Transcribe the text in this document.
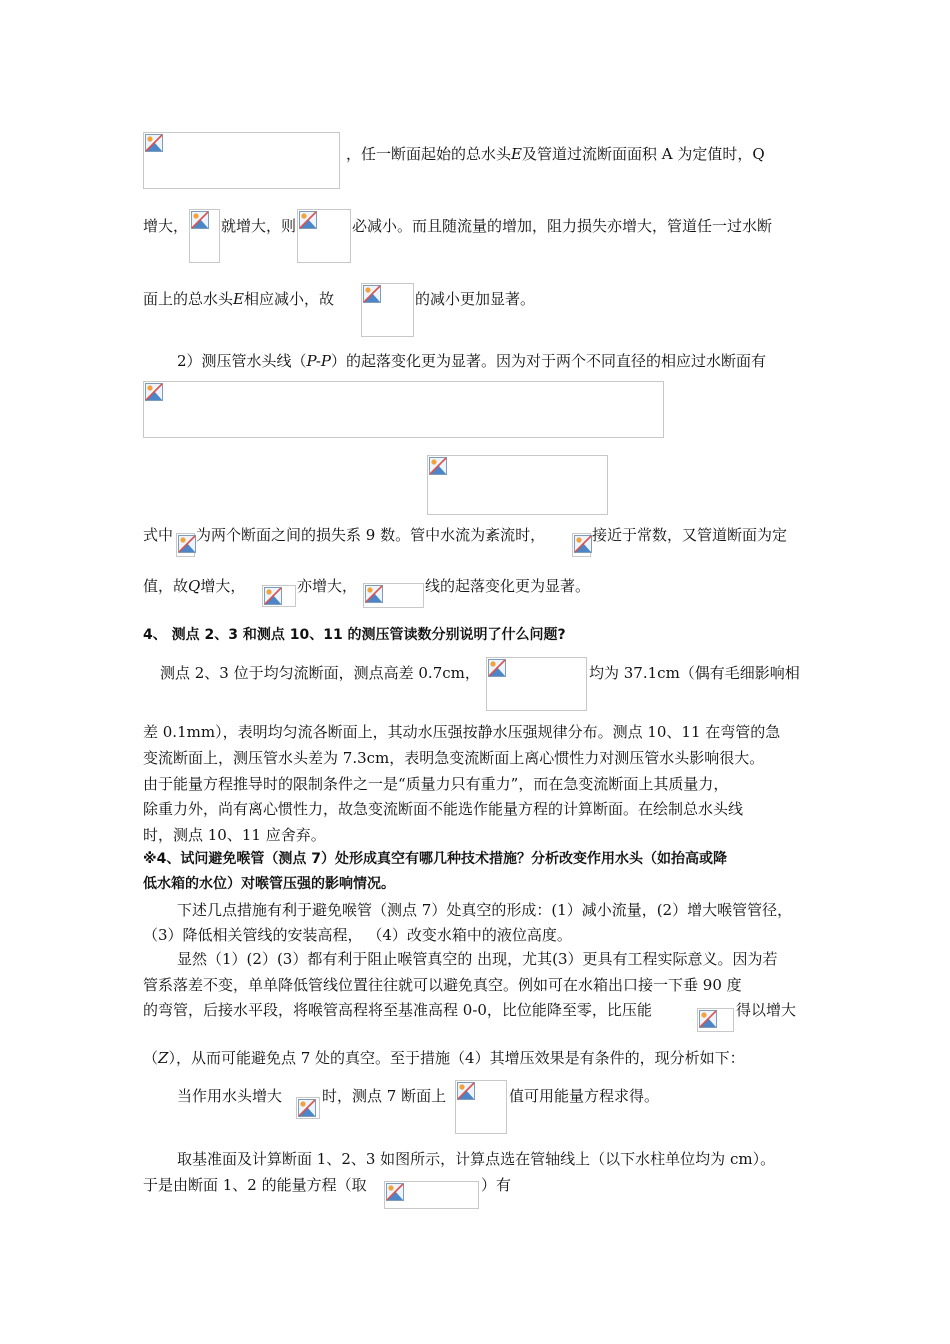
，任一断面起始的总水头E及管道过流断面面积 A 为定值时，Q
增大， 就增大，则	必减小。而且随流量的增加，阻力损失亦增大，管道任一过水断
面上的总水头E相应减小，故	的减小更加显著。
2）测压管水头线（P-P）的起落变化更为显著。因为对于两个不同直径的相应过水断面有
式中 为两个断面之间的损失系 9 数。管中水流为紊流时，	接近于常数，又管道断面为定
值，故Q增大，	亦增大，	线的起落变化更为显著。
4、 测点 2、3 和测点 10、11 的测压管读数分别说明了什么问题?
测点 2、3 位于均匀流断面，测点高差 0.7cm，	均为 37.1cm（偶有毛细影响相
差 0.1mm），表明均匀流各断面上，其动水压强按静水压强规律分布。测点 10、11 在弯管的急
变流断面上，测压管水头差为 7.3cm，表明急变流断面上离心惯性力对测压管水头影响很大。
由于能量方程推导时的限制条件之一是“质量力只有重力”，而在急变流断面上其质量力，
除重力外，尚有离心惯性力，故急变流断面不能选作能量方程的计算断面。在绘制总水头线
时，测点 10、11 应舍弃。
※4、试问避免喉管（测点 7）处形成真空有哪几种技术措施？分析改变作用水头（如抬高或降
低水箱的水位）对喉管压强的影响情况。
下述几点措施有利于避免喉管（测点 7）处真空的形成：(1）减小流量，(2）增大喉管管径，
（3）降低相关管线的安装高程， （4）改变水箱中的液位高度。
显然（1）(2）(3）都有利于阻止喉管真空的 出现，尤其(3）更具有工程实际意义。因为若
管系落差不变，单单降低管线位置往往就可以避免真空。例如可在水箱出口接一下垂 90 度
的弯管，后接水平段，将喉管高程将至基准高程 0-0，比位能降至零，比压能	得以增大
（Z），从而可能避免点 7 处的真空。至于措施（4）其增压效果是有条件的，现分析如下：
当作用水头增大	时，测点 7 断面上	值可用能量方程求得。
取基准面及计算断面 1、2、3 如图所示，计算点选在管轴线上（以下水柱单位均为 cm）。
于是由断面 1、2 的能量方程（取	）有
